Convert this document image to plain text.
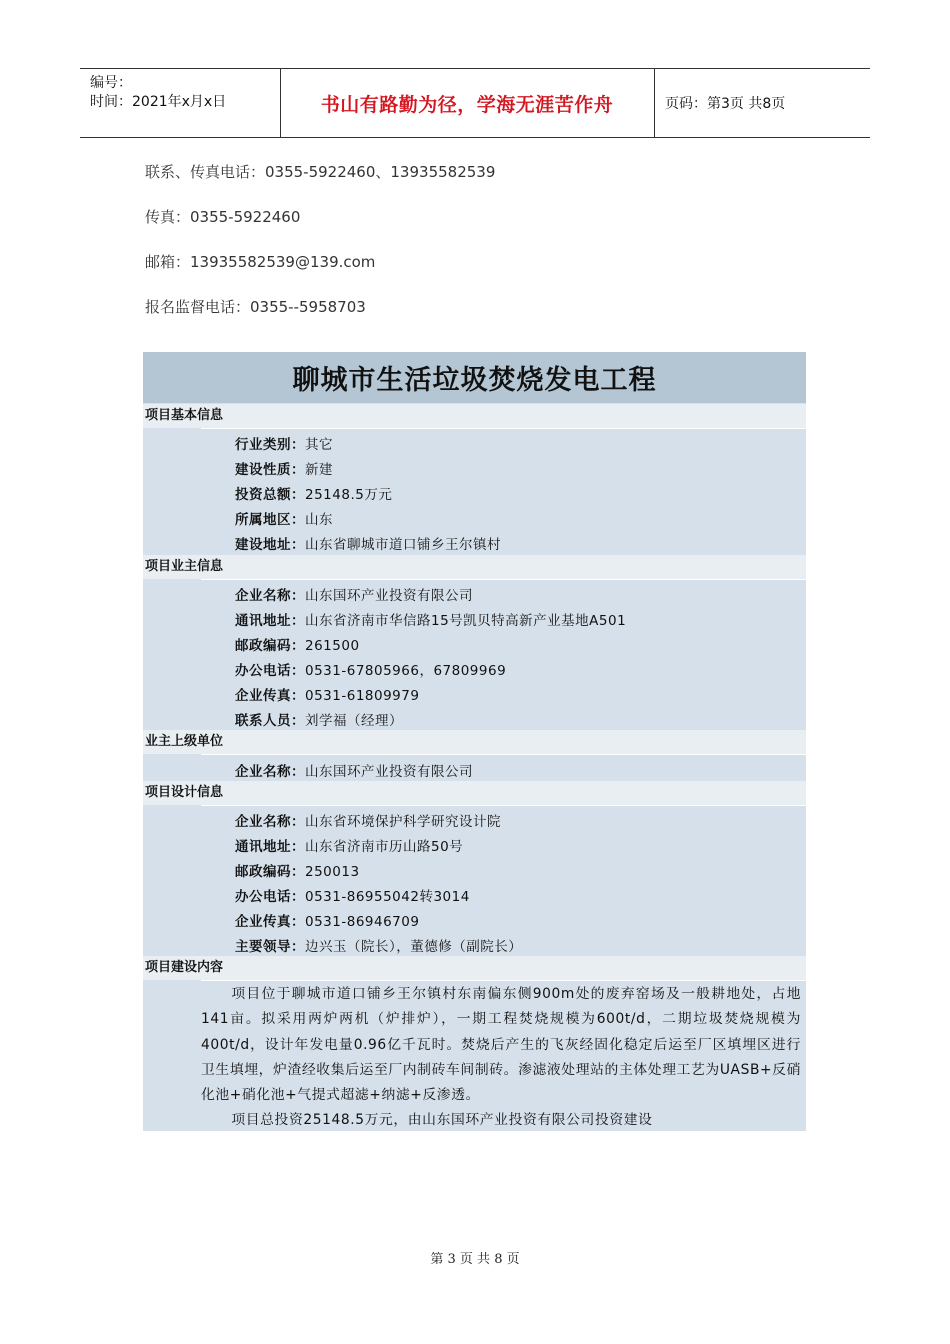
编号：
时间：2021年x月x日	书山有路勤为径，学海无涯苦作舟	页码：第3页 共8页
联系、传真电话：0355-5922460、13935582539
传真：0355-5922460
邮箱：13935582539@139.com
报名监督电话：0355--5958703
聊城市生活垃圾焚烧发电工程
项目基本信息
行业类别：其它
建设性质：新建
投资总额：25148.5万元
所属地区：山东
建设地址：山东省聊城市道口铺乡王尔镇村
项目业主信息
企业名称：山东国环产业投资有限公司
通讯地址：山东省济南市华信路15号凯贝特高新产业基地A501
邮政编码：261500
办公电话：0531-67805966，67809969
企业传真：0531-61809979
联系人员：刘学福（经理）
业主上级单位
企业名称：山东国环产业投资有限公司
项目设计信息
企业名称：山东省环境保护科学研究设计院
通讯地址：山东省济南市历山路50号
邮政编码：250013
办公电话：0531-86955042转3014
企业传真：0531-86946709
主要领导：边兴玉（院长），董德修（副院长）
项目建设内容

项目位于聊城市道口铺乡王尔镇村东南偏东侧900m处的废弃窑场及一般耕地处，占地141亩。拟采用两炉两机（炉排炉），一期工程焚烧规模为600t/d，二期垃圾焚烧规模为400t/d，设计年发电量0.96亿千瓦时。焚烧后产生的飞灰经固化稳定后运至厂区填埋区进行卫生填埋，炉渣经收集后运至厂内制砖车间制砖。渗滤液处理站的主体处理工艺为UASB+反硝化池+硝化池+气提式超滤+纳滤+反渗透。

项目总投资25148.5万元，由山东国环产业投资有限公司投资建设

第 3 页 共 8 页
